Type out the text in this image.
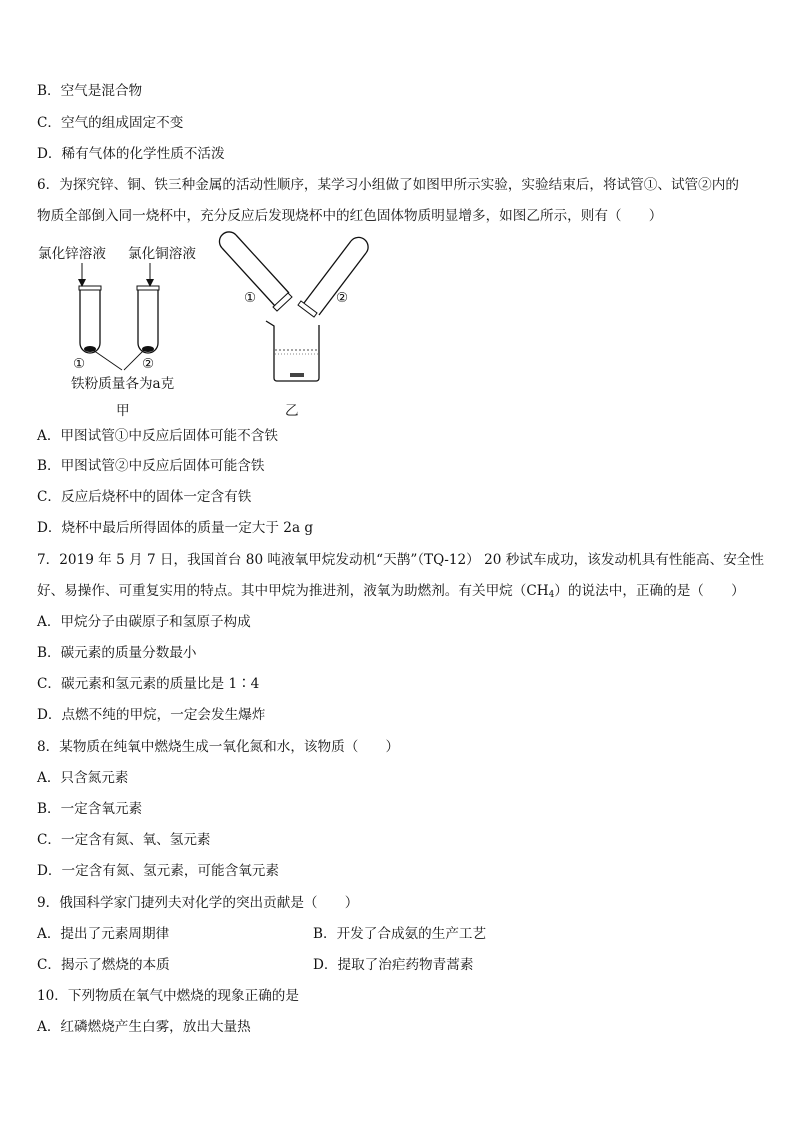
B．空气是混合物
C．空气的组成固定不变
D．稀有气体的化学性质不活泼
6．为探究锌、铜、铁三种金属的活动性顺序，某学习小组做了如图甲所示实验，实验结束后，将试管①、试管②内的
物质全部倒入同一烧杯中，充分反应后发现烧杯中的红色固体物质明显增多，如图乙所示，则有（　　）
氯化锌溶液 氯化铜溶液
①	②
①	②
铁粉质量各为a克
甲	乙
A．甲图试管①中反应后固体可能不含铁
B．甲图试管②中反应后固体可能含铁
C．反应后烧杯中的固体一定含有铁
D．烧杯中最后所得固体的质量一定大于 2a g
7．2019 年 5 月 7 日，我国首台 80 吨液氧甲烷发动机“天鹊”（TQ‑12） 20 秒试车成功，该发动机具有性能高、安全性
好、易操作、可重复实用的特点。其中甲烷为推进剂，液氧为助燃剂。有关甲烷$(CH_4)$的说法中，正确的是（　　）
A．甲烷分子由碳原子和氢原子构成
B．碳元素的质量分数最小
C．碳元素和氢元素的质量比是 1∶4
D．点燃不纯的甲烷，一定会发生爆炸
8．某物质在纯氧中燃烧生成一氧化氮和水，该物质（　　）
A．只含氮元素
B．一定含氧元素
C．一定含有氮、氧、氢元素
D．一定含有氮、氢元素，可能含氧元素
9．俄国科学家门捷列夫对化学的突出贡献是（　　）
A．提出了元素周期律	B．开发了合成氨的生产工艺
C．揭示了燃烧的本质	D．提取了治疟药物青蒿素
10．下列物质在氧气中燃烧的现象正确的是
A．红磷燃烧产生白雾，放出大量热
